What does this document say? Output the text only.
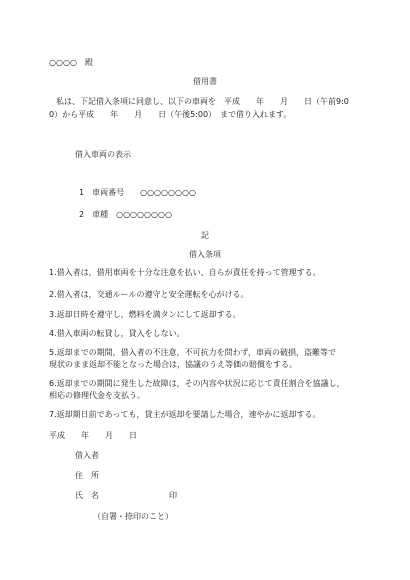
○○○○　殿
借用書
私は、下記借入条項に同意し、以下の車両を　平成　　年　　月　　日（午前9:0
0）から平成　　年　　月　　日（午後5:00）　まで借り入れます。
借入車両の表示
1　車両番号　　○○○○○○○○
2　車種　○○○○○○○○
記
借入条項
1.借入者は，借用車両を十分な注意を払い、自らが責任を持って管理する。
2.借入者は，交通ルールの遵守と安全運転を心がける。
3.返却日時を遵守し，燃料を満タンにして返却する。
4.借入車両の転貸し，貸入をしない。
5.返却までの期間，借入者の不注意，不可抗力を問わず，車両の破損，盗難等で
現状のまま返却不能となった場合は，協議のうえ等価の賠償をする。
6.返却までの期間に発生した故障は，その内容や状況に応じて責任割合を協議し，
相応の修理代金を支払う。
7.返却期日前であっても，貸主が返却を要請した場合，速やかに返却する。
平成　　年　　月　　日
借入者
住　所
氏　名	印
（自署・捺印のこと）
